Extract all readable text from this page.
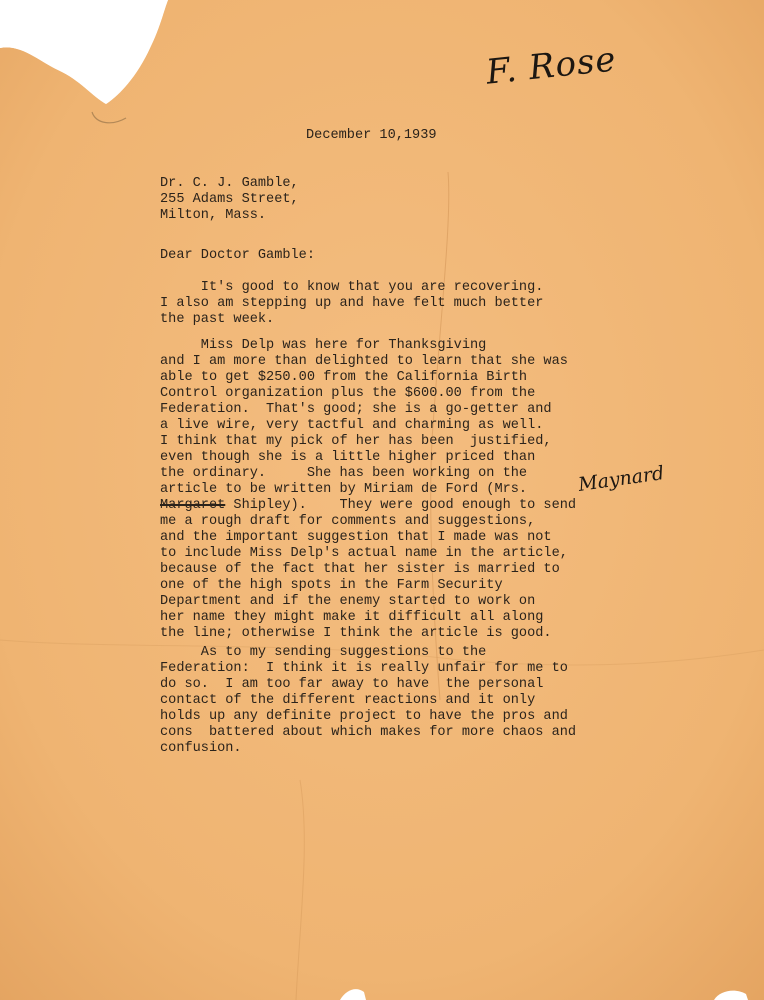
F. Rose
December 10,1939
Dr. C. J. Gamble,
255 Adams Street,
Milton, Mass.
Dear Doctor Gamble:
It's good to know that you are recovering.
I also am stepping up and have felt much better
the past week.
Miss Delp was here for Thanksgiving
and I am more than delighted to learn that she was
able to get $250.00 from the California Birth
Control organization plus the $600.00 from the
Federation.  That's good; she is a go-getter and
a live wire, very tactful and charming as well.
I think that my pick of her has been  justified,
even though she is a little higher priced than
the ordinary.     She has been working on the
article to be written by Miriam de Ford (Mrs.
Margaret Shipley).    They were good enough to send
me a rough draft for comments and suggestions,
and the important suggestion that I made was not
to include Miss Delp's actual name in the article,
because of the fact that her sister is married to
one of the high spots in the Farm Security
Department and if the enemy started to work on
her name they might make it difficult all along
the line; otherwise I think the article is good.
Maynard
As to my sending suggestions to the
Federation:  I think it is really unfair for me to
do so.  I am too far away to have  the personal
contact of the different reactions and it only
holds up any definite project to have the pros and
cons  battered about which makes for more chaos and
confusion.
